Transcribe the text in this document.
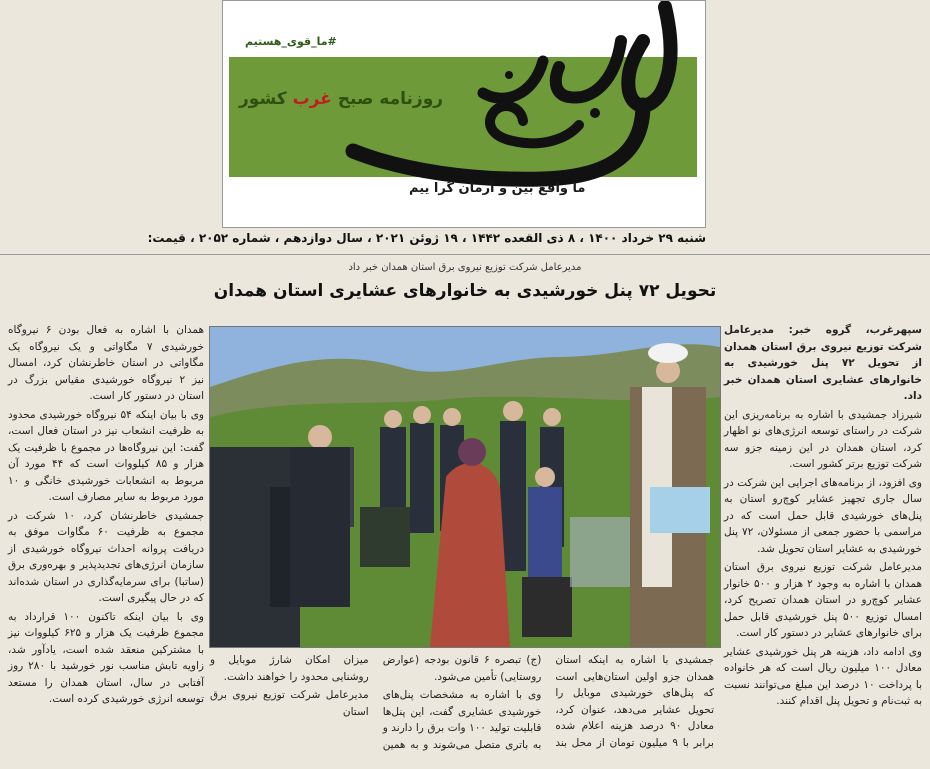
#ما_قوی_هستیم
روزنامه صبح غرب کشور
ما واقع بین و آرمان گرا ییم
شنبه ۲۹ خرداد ۱۴۰۰ ، ۸ ذی القعده ۱۴۴۲ ، ۱۹ ژوئن ۲۰۲۱ ، سال دوازدهم ، شماره ۲۰۵۲ ، قیمت:
مدیرعامل شرکت توزیع نیروی برق استان همدان خبر داد
تحویل ۷۲ پنل خورشیدی به خانوارهای عشایری استان همدان

سپهرغرب، گروه خبر: مدیرعامل شرکت توزیع نیروی برق استان همدان از تحویل ۷۲ پنل خورشیدی به خانوارهای عشایری استان همدان خبر داد.

شیرزاد جمشیدی با اشاره به برنامه‌ریزی این شرکت در راستای توسعه انرژی‌های نو اظهار کرد، استان همدان در این زمینه جزو سه شرکت توزیع برتر کشور است.

وی افزود، از برنامه‌های اجرایی این شرکت در سال جاری تجهیز عشایر کوچ‌رو استان به پنل‌های خورشیدی قابل حمل است که در مراسمی با حضور جمعی از مسئولان، ۷۲ پنل خورشیدی به عشایر استان تحویل شد.

مدیرعامل شرکت توزیع نیروی برق استان همدان با اشاره به وجود ۲ هزار و ۵۰۰ خانوار عشایر کوچ‌رو در استان همدان تصریح کرد، امسال توزیع ۵۰۰ پنل خورشیدی قابل حمل برای خانوارهای عشایر در دستور کار است.

وی ادامه داد، هزینه هر پنل خورشیدی عشایر معادل ۱۰۰ میلیون ریال است که هر خانواده با پرداخت ۱۰ درصد این مبلغ می‌توانند نسبت به ثبت‌نام و تحویل پنل اقدام کنند.

همدان با اشاره به فعال بودن ۶ نیروگاه خورشیدی ۷ مگاواتی و یک نیروگاه یک مگاواتی در استان خاطرنشان کرد، امسال نیز ۲ نیروگاه خورشیدی مقیاس بزرگ در استان در دستور کار است.

وی با بیان اینکه ۵۴ نیروگاه خورشیدی محدود به ظرفیت انشعاب نیز در استان فعال است، گفت: این نیروگاه‌ها در مجموع با ظرفیت یک هزار و ۸۵ کیلووات است که ۴۴ مورد آن مربوط به انشعابات خورشیدی خانگی و ۱۰ مورد مربوط به سایر مصارف است.

جمشیدی خاطرنشان کرد، ۱۰ شرکت در مجموع به ظرفیت ۶۰ مگاوات موفق به دریافت پروانه احداث نیروگاه خورشیدی از سازمان انرژی‌های تجدیدپذیر و بهره‌وری برق (ساتبا) برای سرمایه‌گذاری در استان شده‌اند که در حال پیگیری است.

وی با بیان اینکه تاکنون ۱۰۰ قرارداد به مجموع ظرفیت یک هزار و ۶۲۵ کیلووات نیز با مشترکین منعقد شده است، یادآور شد، زاویه تابش مناسب نور خورشید با ۲۸۰ روز آفتابی در سال، استان همدان را مستعد توسعه انرژی خورشیدی کرده است.

جمشیدی با اشاره به اینکه استان همدان جزو اولین استان‌هایی است که پنل‌های خورشیدی موبایل را تحویل عشایر می‌دهد، عنوان کرد، معادل ۹۰ درصد هزینه اعلام شده برابر با ۹ میلیون تومان از محل بند (ج) تبصره ۶ قانون بودجه (عوارض روستایی) تأمین می‌شود.

وی با اشاره به مشخصات پنل‌های خورشیدی عشایری گفت، این پنل‌ها قابلیت تولید ۱۰۰ وات برق را دارند و به باتری متصل می‌شوند و به همین میزان امکان شارژ موبایل و روشنایی محدود را خواهند داشت.

مدیرعامل شرکت توزیع نیروی برق استان
